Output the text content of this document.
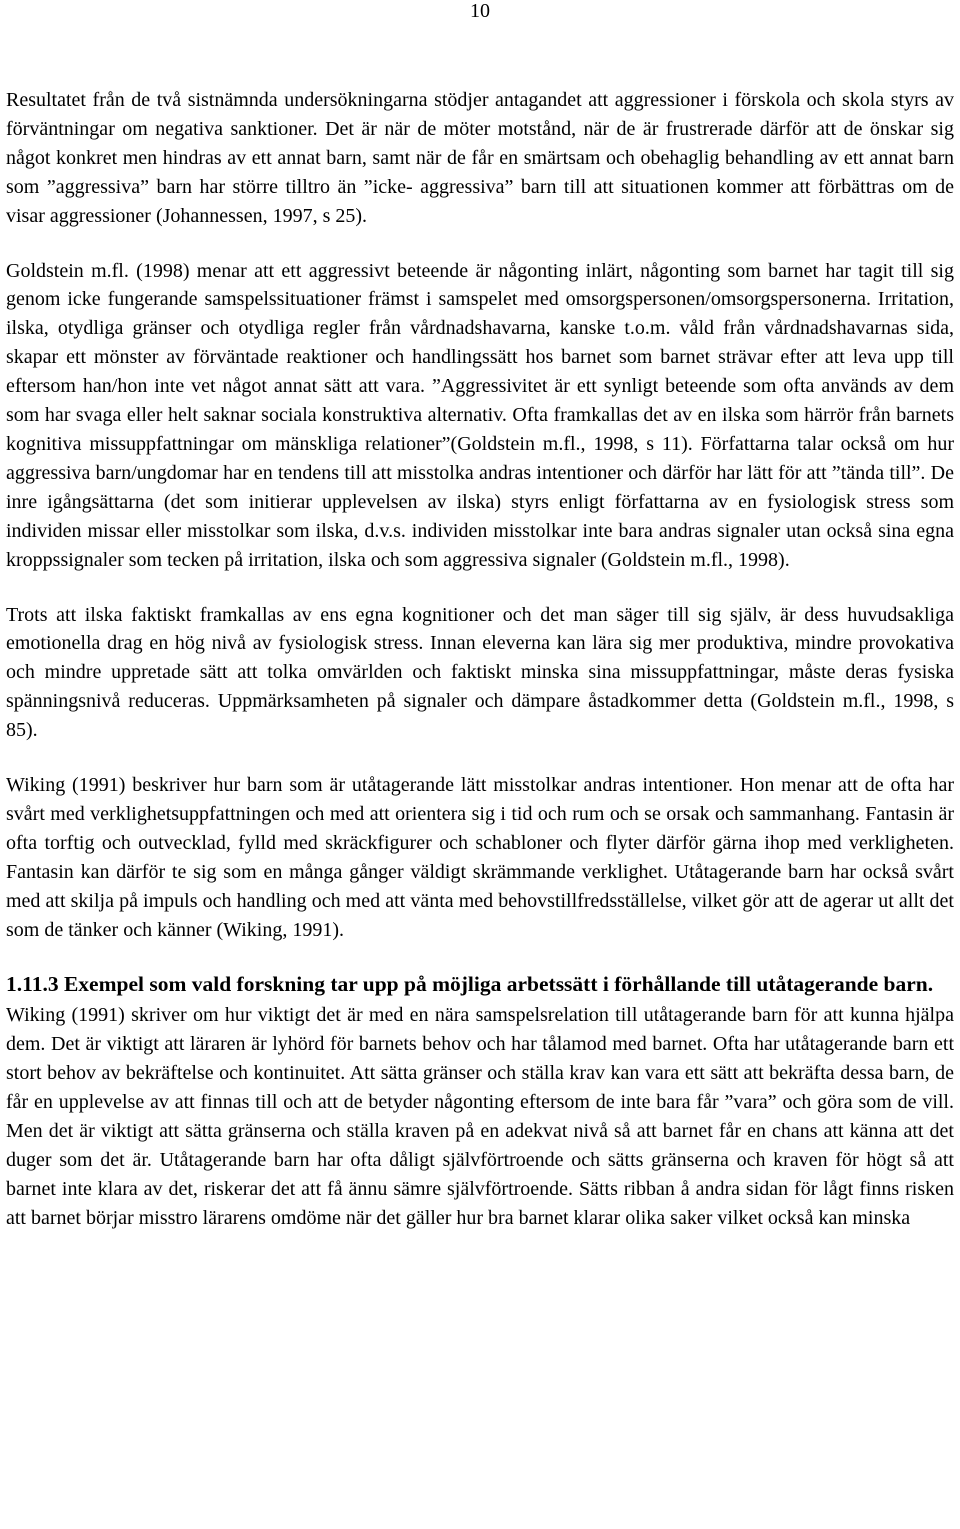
10

Resultatet från de två sistnämnda undersökningarna stödjer antagandet att aggressioner i förskola och skola styrs av förväntningar om negativa sanktioner. Det är när de möter motstånd, när de är frustrerade därför att de önskar sig något konkret men hindras av ett annat barn, samt när de får en smärtsam och obehaglig behandling av ett annat barn som ”aggressiva” barn har större tilltro än ”icke- aggressiva” barn till att situationen kommer att förbättras om de visar aggressioner (Johannessen, 1997, s 25).

Goldstein m.fl. (1998) menar att ett aggressivt beteende är någonting inlärt, någonting som barnet har tagit till sig genom icke fungerande samspelssituationer främst i samspelet med omsorgspersonen/omsorgspersonerna. Irritation, ilska, otydliga gränser och otydliga regler från vårdnadshavarna, kanske t.o.m. våld från vårdnadshavarnas sida, skapar ett mönster av förväntade reaktioner och handlingssätt hos barnet som barnet strävar efter att leva upp till eftersom han/hon inte vet något annat sätt att vara. ”Aggressivitet är ett synligt beteende som ofta används av dem som har svaga eller helt saknar sociala konstruktiva alternativ. Ofta framkallas det av en ilska som härrör från barnets kognitiva missuppfattningar om mänskliga relationer”(Goldstein m.fl., 1998, s 11). Författarna talar också om hur aggressiva barn/ungdomar har en tendens till att misstolka andras intentioner och därför har lätt för att ”tända till”. De inre igångsättarna (det som initierar upplevelsen av ilska) styrs enligt författarna av en fysiologisk stress som individen missar eller misstolkar som ilska, d.v.s. individen misstolkar inte bara andras signaler utan också sina egna kroppssignaler som tecken på irritation, ilska och som aggressiva signaler (Goldstein m.fl., 1998).

Trots att ilska faktiskt framkallas av ens egna kognitioner och det man säger till sig själv, är dess huvudsakliga emotionella drag en hög nivå av fysiologisk stress. Innan eleverna kan lära sig mer produktiva, mindre provokativa och mindre uppretade sätt att tolka omvärlden och faktiskt minska sina missuppfattningar, måste deras fysiska spänningsnivå reduceras. Uppmärksamheten på signaler och dämpare åstadkommer detta (Goldstein m.fl., 1998, s 85).

Wiking (1991) beskriver hur barn som är utåtagerande lätt misstolkar andras intentioner. Hon menar att de ofta har svårt med verklighetsuppfattningen och med att orientera sig i tid och rum och se orsak och sammanhang. Fantasin är ofta torftig och outvecklad, fylld med skräckfigurer och schabloner och flyter därför gärna ihop med verkligheten. Fantasin kan därför te sig som en många gånger väldigt skrämmande verklighet. Utåtagerande barn har också svårt med att skilja på impuls och handling och med att vänta med behovstillfredsställelse, vilket gör att de agerar ut allt det som de tänker och känner (Wiking, 1991).

1.11.3 Exempel som vald forskning tar upp på möjliga arbetssätt i förhållande till utåtagerande barn.

Wiking (1991) skriver om hur viktigt det är med en nära samspelsrelation till utåtagerande barn för att kunna hjälpa dem. Det är viktigt att läraren är lyhörd för barnets behov och har tålamod med barnet. Ofta har utåtagerande barn ett stort behov av bekräftelse och kontinuitet. Att sätta gränser och ställa krav kan vara ett sätt att bekräfta dessa barn, de får en upplevelse av att finnas till och att de betyder någonting eftersom de inte bara får ”vara” och göra som de vill. Men det är viktigt att sätta gränserna och ställa kraven på en adekvat nivå så att barnet får en chans att känna att det duger som det är. Utåtagerande barn har ofta dåligt självförtroende och sätts gränserna och kraven för högt så att barnet inte klara av det, riskerar det att få ännu sämre självförtroende. Sätts ribban å andra sidan för lågt finns risken att barnet börjar misstro lärarens omdöme när det gäller hur bra barnet klarar olika saker vilket också kan minska
